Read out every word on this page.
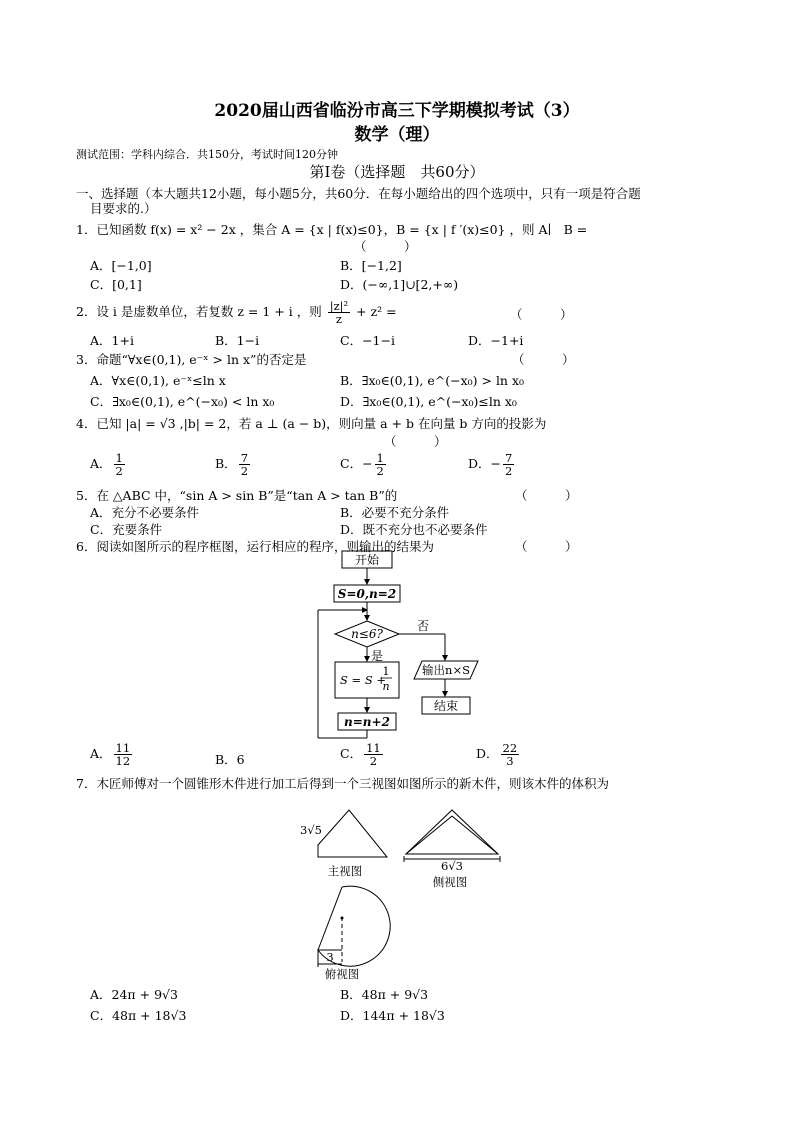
2020届山西省临汾市高三下学期模拟考试（3）
数学（理）
测试范围：学科内综合．共150分，考试时间120分钟
第Ⅰ卷（选择题　共60分）
一、选择题（本大题共12小题，每小题5分，共60分．在每小题给出的四个选项中，只有一项是符合题
目要求的.）
1．已知函数 f(x) = x² − 2x ，集合 A = {x | f(x)≤0}，B = {x | f ′(x)≤0} ，则 A∣　B =
（　　　）
A．[−1,0]	B．[−1,2]
C．[0,1]	D．(−∞,1]∪[2,+∞)
2．设 i 是虚数单位，若复数 z = 1 + i ，则 $\frac{\text{|z|²}}{z} + z^2$ =	（　　　）
A．1+i	B．1−i	C．−1−i	D．−1+i
3．命题“∀x∈(0,1), e⁻ˣ > ln x”的否定是	（　　　）
A．∀x∈(0,1), e⁻ˣ≤ln x	B．∃x₀∈(0,1), e^(−x₀) > ln x₀
C．∃x₀∈(0,1), e^(−x₀) < ln x₀	D．∃x₀∈(0,1), e^(−x₀)≤ln x₀
4．已知 |a| = √3 ,|b| = 2，若 a ⊥ (a − b)，则向量 a + b 在向量 b 方向的投影为
（　　　）
A． $\frac{1}{2}$	B． $\frac{7}{2}$	C．− $\frac{1}{2}$	D．− $\frac{7}{2}$
5．在 △ABC 中，“sin A > sin B”是“tan A > tan B”的	（　　　）
A．充分不必要条件	B．必要不充分条件
C．充要条件	D．既不充分也不必要条件
6．阅读如图所示的程序框图，运行相应的程序，则输出的结果为	（　　　）
开始
S=0,n=2
n≤6?
否
是
S = S +
1
n
n=n+2
输出n×S
结束
A． $\frac{11}{12}$	B．6	C． $\frac{11}{2}$	D． $\frac{22}{3}$
7．木匠师傅对一个圆锥形木件进行加工后得到一个三视图如图所示的新木件，则该木件的体积为
3√5
主视图	6√3
侧视图
3
俯视图
A．24π + 9√3	B．48π + 9√3
C．48π + 18√3	D．144π + 18√3
